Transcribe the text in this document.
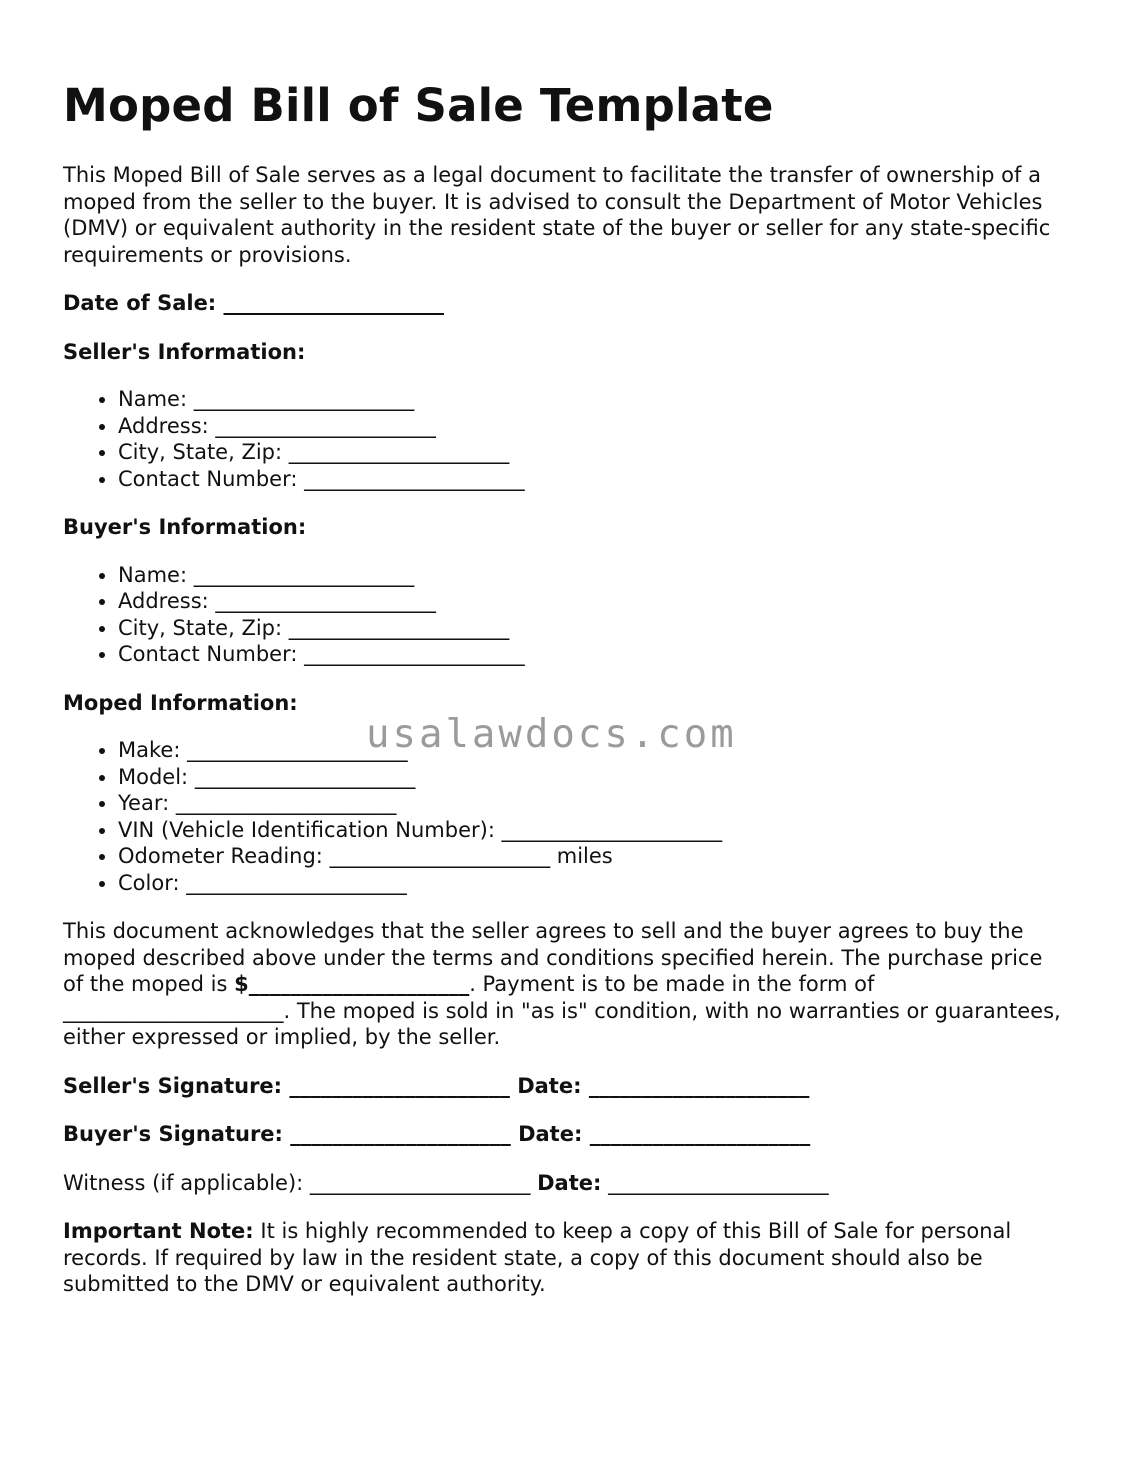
Moped Bill of Sale Template

This Moped Bill of Sale serves as a legal document to facilitate the transfer of ownership of a moped from the seller to the buyer. It is advised to consult the Department of Motor Vehicles (DMV) or equivalent authority in the resident state of the buyer or seller for any state-specific requirements or provisions.

Date of Sale: _____________________

Seller's Information:

• Name: _____________________
• Address: _____________________
• City, State, Zip: _____________________
• Contact Number: _____________________

Buyer's Information:

• Name: _____________________
• Address: _____________________
• City, State, Zip: _____________________
• Contact Number: _____________________

Moped Information:

• Make: _____________________
• Model: _____________________
• Year: _____________________
• VIN (Vehicle Identification Number): _____________________
• Odometer Reading: _____________________ miles
• Color: _____________________

This document acknowledges that the seller agrees to sell and the buyer agrees to buy the moped described above under the terms and conditions specified herein. The purchase price of the moped is $_____________________. Payment is to be made in the form of _____________________. The moped is sold in "as is" condition, with no warranties or guarantees, either expressed or implied, by the seller.

Seller's Signature: _____________________ Date: _____________________

Buyer's Signature: _____________________ Date: _____________________

Witness (if applicable): _____________________ Date: _____________________

Important Note: It is highly recommended to keep a copy of this Bill of Sale for personal records. If required by law in the resident state, a copy of this document should also be submitted to the DMV or equivalent authority.

usalawdocs.com
